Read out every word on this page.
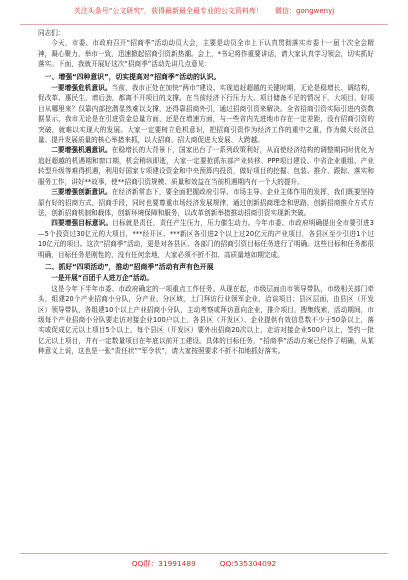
关注头条号“公文研究”，获得最新最全最专业的公文资料库！ 微信：gongwenyj

同志们：

今天，市委、市政府召开“招商季”活动动员大会，主要是动员全市上下认真贯彻落实市委十一届十次全会精神，凝心聚力，举市一致，迅速掀起招商引资新热潮。会上，*书记将作重要讲话，请大家认真学习领会，切实抓好落实。下面，我就开展好这次“招商季”活动先讲几点意见：

一、增强“四种意识”，切实提高对“招商季”活动的认识。

一要增强危机意识。当前，我市正处在加快“两市”建设、实现追赶超越的关键时期，无论是稳增长、调结构，促改革、惠民生、增后劲，都离不开项目的支撑。在当前经济下行压力大、项目储备不足的情况下，大项目、好项目从哪里来？仅靠内部挖潜显然难以支撑，还得靠招商外引，通过招商引资来解决。全省招商引资实际引进内资数据显示，我市无论是在引进资金总量方面，还是在增速方面，与一些省内先进地市存在一定差距，没有招商引资的突破，就难以实现大的发展。大家一定要树立危机意识，把招商引资作为经济工作的重中之重，作为做大经济总量、提升发展质量的核心举措来抓，以大招商、招大商促进大发展、大跨越。

二要增强机遇意识。在稳增长的大背景下，国家出台了一系列政策利好，从而使经济结构的调整期同时优化为追赶超越的机遇期和窗口期，机会稍纵即逝，大家一定要抢抓东部产业转移、PPP项目建设、中省企业重组、产业转型升级等难得机遇，利用好国家专项建设资金和中央预算内投资，做好项目的挖掘、包装、推介、跟踪、落实和服务工作，讲好**故事，使**招商引资规模、质量和效益在当前机遇期内有一个大的提升。

三要增强创新意识。在经济新常态下，要全面把握政府引导、市场主导、企业主体作用的发挥，我们既要坚持原有好的招商方式，招商手段，同时也要尊重市场经济发展规律，通过创新招商理念和思路，创新招商推介方式方法，创新招商机制和载体，创新环境保障和服务，以改革创新举措推动招商引资实现新突破。

四要增强目标意识。目标就是责任，责任产生压力，压力催生动力。今年市委、市政府明确提出全市要引进3—5个投资过30亿元的大项目，***经开区、***新区各引进2个以上过20亿元的产业项目，各县区至少引进1个过10亿元的项目。这次“招商季”活动，更是对各县区、各部门的招商引资目标任务进行了明确。这些目标和任务都很明确，目标任务是刚性的，没有任何余地，大家必须不折不扣、高质量地如期完成。

二、抓好“四项活动”，推动“招商季”活动有声有色开展
一是开展“百团千人进万企”活动。

这是今年下半年市委、市政府确定的一项重点工作任务。从现在起，市级层面由市领导带队，市级相关部门牵头，组建20个产业招商小分队，分产业、分区域，上门拜访行业领军企业，洽谈项目；县区层面，由县区（开发区）领导带队，各组建10个以上产业招商小分队，主动考察或拜访意向企业，推介项目，搜集线索，活动期间，市级每个产业招商小分队要走访对接企业100户以上，各县区（开发区）、企业提供有效信息数不少于50条以上，落实或促成亿元以上项目5个以上，每个县区（开发区）要外出招商20次以上，走访对接企业500户以上，签约一批亿元以上项目，并有一定数量项目在年底以前开工建设。具体的目标任务，“招商季”活动方案已经作了明确，从某种意义上说，这也是一张“责任状”“军令状”，请大家按照要求不折不扣地抓好落实。

QQ群：31991489	QQ:535304092
